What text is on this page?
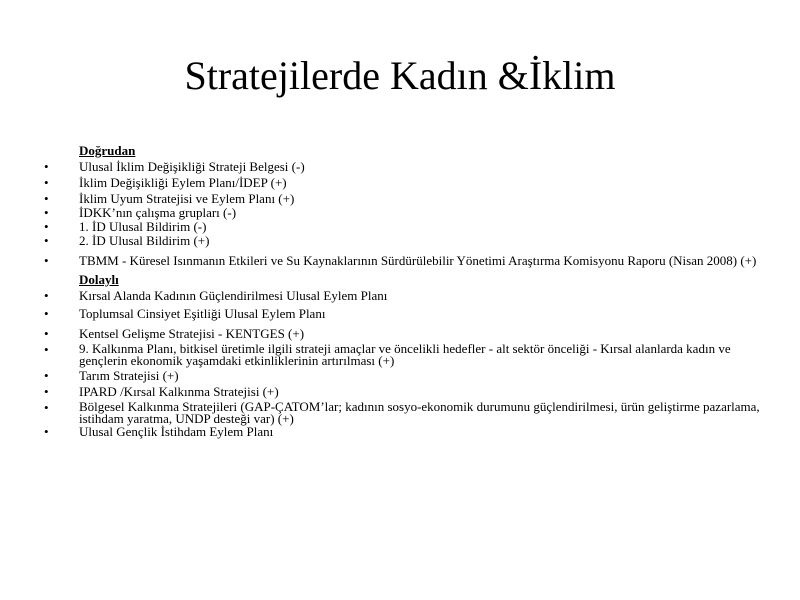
Stratejilerde Kadın &İklim
Doğrudan
•	Ulusal İklim Değişikliği Strateji Belgesi (-)
•	İklim Değişikliği Eylem Planı/İDEP (+)
•	İklim Uyum Stratejisi ve Eylem Planı (+)
•	İDKK’nın çalışma grupları (-)
•	1. İD Ulusal Bildirim (-)
•	2. İD Ulusal Bildirim (+)
•	TBMM - Küresel Isınmanın Etkileri ve Su Kaynaklarının Sürdürülebilir Yönetimi Araştırma Komisyonu Raporu (Nisan 2008) (+)
Dolaylı
•	Kırsal Alanda Kadının Güçlendirilmesi Ulusal Eylem Planı
•	Toplumsal Cinsiyet Eşitliği Ulusal Eylem Planı
•	Kentsel Gelişme Stratejisi - KENTGES (+)
•	9. Kalkınma Planı, bitkisel üretimle ilgili strateji amaçlar ve öncelikli hedefler - alt sektör önceliği - Kırsal alanlarda kadın ve gençlerin ekonomik yaşamdaki etkinliklerinin artırılması (+)
•	Tarım Stratejisi (+)
•	IPARD /Kırsal Kalkınma Stratejisi (+)
•	Bölgesel Kalkınma Stratejileri (GAP-ÇATOM’lar; kadının sosyo-ekonomik durumunu güçlendirilmesi, ürün geliştirme pazarlama, istihdam yaratma, UNDP desteği var) (+)
•	Ulusal Gençlik İstihdam Eylem Planı
